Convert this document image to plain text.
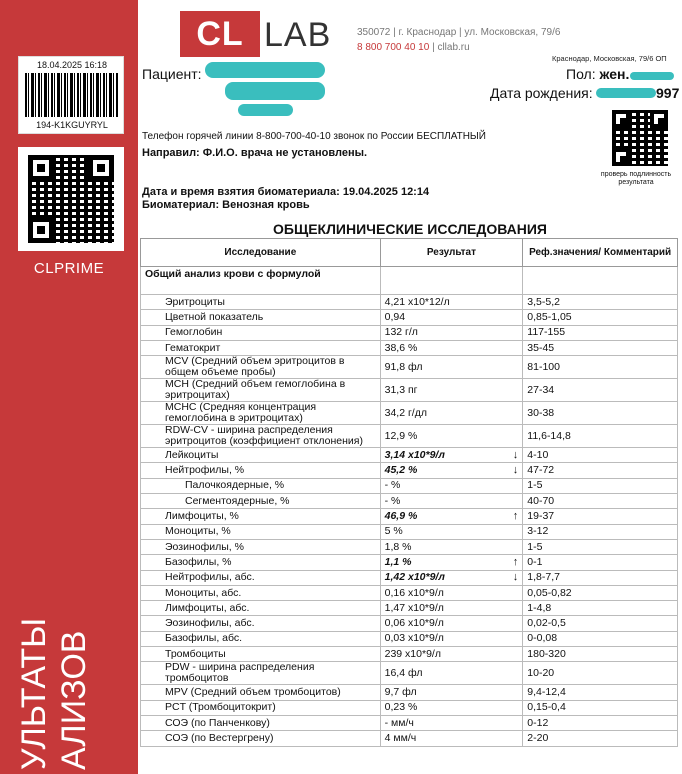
18.04.2025 16:18
194-K1KGUYRYL
CLPRIME
УЛЬТАТЫ АЛИЗОВ
CL LAB	350072 | г. Краснодар | ул. Московская, 79/6
8 800 700 40 10 | cllab.ru
Краснодар, Московская, 79/6 ОП
Пациент:	Пол: жен.
Дата рождения:	997
проверь подлинность результата
Телефон горячей линии 8-800-700-40-10 звонок по России БЕСПЛАТНЫЙ
Направил: Ф.И.О. врача не установлены.
Дата и время взятия биоматериала: 19.04.2025 12:14
Биоматериал: Венозная кровь
ОБЩЕКЛИНИЧЕСКИЕ ИССЛЕДОВАНИЯ
Исследование	Результат	Реф.значения/ Комментарий
Общий анализ крови с формулой		
Эритроциты	4,21 x10*12/л	3,5-5,2
Цветной показатель	0,94	0,85-1,05
Гемоглобин	132 г/л	117-155
Гематокрит	38,6 %	35-45
MCV (Средний объем эритроцитов в общем объеме пробы)	91,8 фл	81-100
MCH (Средний объем гемоглобина в эритроцитах)	31,3 пг	27-34
MCHC (Средняя концентрация гемоглобина в эритроцитах)	34,2 г/дл	30-38
RDW-CV - ширина распределения эритроцитов (коэффициент отклонения)	12,9 %	11,6-14,8
Лейкоциты	3,14 x10*9/л ↓	4-10
Нейтрофилы, %	45,2 % ↓	47-72
Палочкоядерные, %	- %	1-5
Сегментоядерные, %	- %	40-70
Лимфоциты, %	46,9 % ↑	19-37
Моноциты, %	5 %	3-12
Эозинофилы, %	1,8 %	1-5
Базофилы, %	1,1 % ↑	0-1
Нейтрофилы, абс.	1,42 x10*9/л ↓	1,8-7,7
Моноциты, абс.	0,16 x10*9/л	0,05-0,82
Лимфоциты, абс.	1,47 x10*9/л	1-4,8
Эозинофилы, абс.	0,06 x10*9/л	0,02-0,5
Базофилы, абс.	0,03 x10*9/л	0-0,08
Тромбоциты	239 x10*9/л	180-320
PDW - ширина распределения тромбоцитов	16,4 фл	10-20
MPV (Средний объем тромбоцитов)	9,7 фл	9,4-12,4
PCT (Тромбоцитокрит)	0,23 %	0,15-0,4
СОЭ (по Панченкову)	- мм/ч	0-12
СОЭ (по Вестергрену)	4 мм/ч	2-20
